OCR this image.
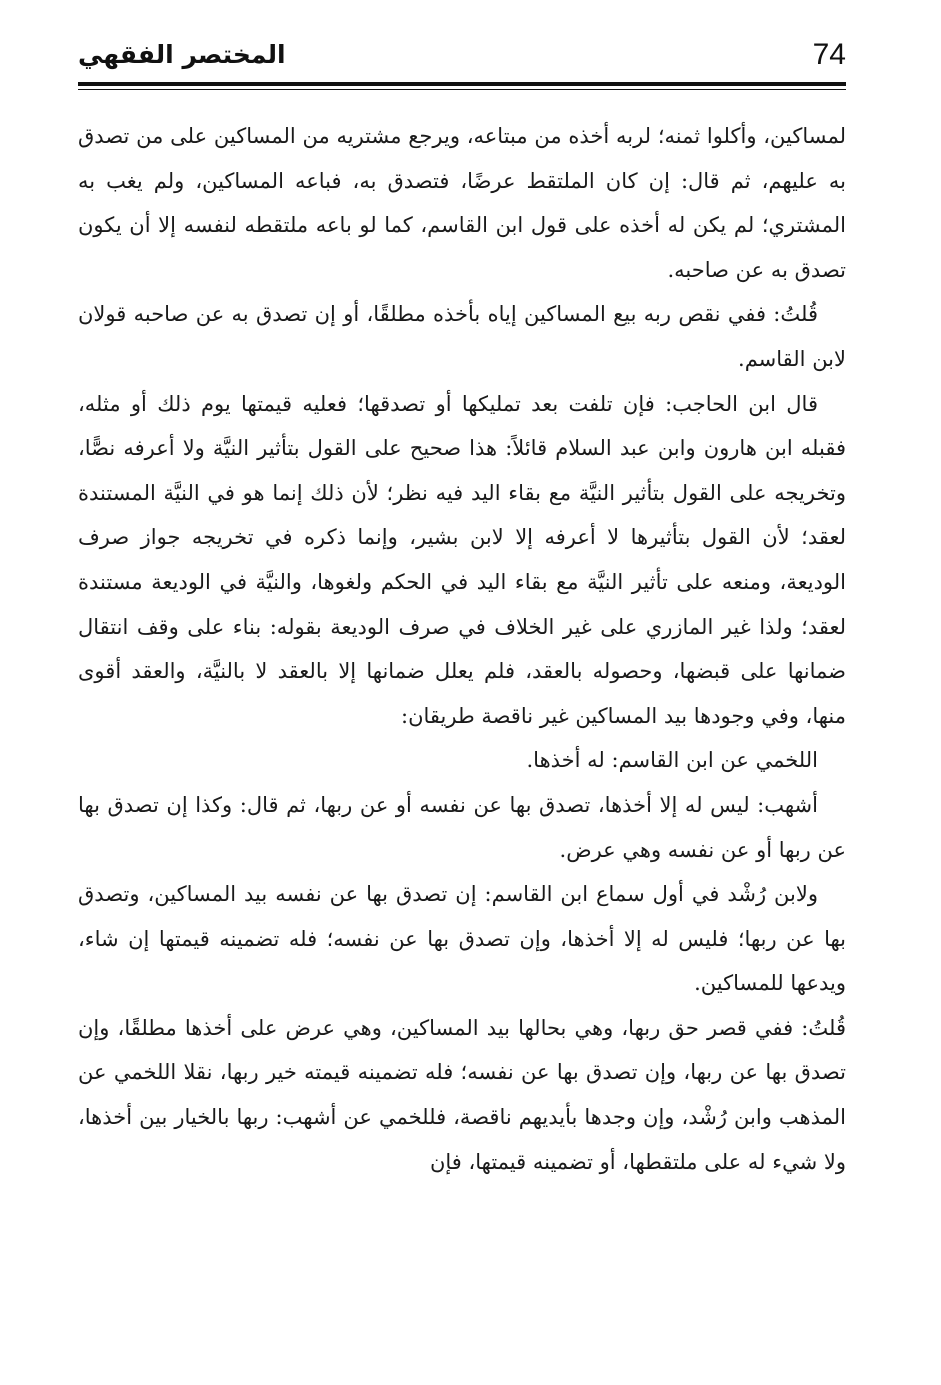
المختصر الفقهي	74

لمساكين، وأكلوا ثمنه؛ لربه أخذه من مبتاعه، ويرجع مشتريه من المساكين على من تصدق به عليهم، ثم قال: إن كان الملتقط عرضًا، فتصدق به، فباعه المساكين، ولم يغب به المشتري؛ لم يكن له أخذه على قول ابن القاسم، كما لو باعه ملتقطه لنفسه إلا أن يكون تصدق به عن صاحبه.

قُلتُ: ففي نقص ربه بيع المساكين إياه بأخذه مطلقًا، أو إن تصدق به عن صاحبه قولان لابن القاسم.

قال ابن الحاجب: فإن تلفت بعد تمليكها أو تصدقها؛ فعليه قيمتها يوم ذلك أو مثله، فقبله ابن هارون وابن عبد السلام قائلاً: هذا صحيح على القول بتأثير النيَّة ولا أعرفه نصًّا، وتخريجه على القول بتأثير النيَّة مع بقاء اليد فيه نظر؛ لأن ذلك إنما هو في النيَّة المستندة لعقد؛ لأن القول بتأثيرها لا أعرفه إلا لابن بشير، وإنما ذكره في تخريجه جواز صرف الوديعة، ومنعه على تأثير النيَّة مع بقاء اليد في الحكم ولغوها، والنيَّة في الوديعة مستندة لعقد؛ ولذا غير المازري على غير الخلاف في صرف الوديعة بقوله: بناء على وقف انتقال ضمانها على قبضها، وحصوله بالعقد، فلم يعلل ضمانها إلا بالعقد لا بالنيَّة، والعقد أقوى منها، وفي وجودها بيد المساكين غير ناقصة طريقان:

اللخمي عن ابن القاسم: له أخذها.

أشهب: ليس له إلا أخذها، تصدق بها عن نفسه أو عن ربها، ثم قال: وكذا إن تصدق بها عن ربها أو عن نفسه وهي عرض.

ولابن رُشْد في أول سماع ابن القاسم: إن تصدق بها عن نفسه بيد المساكين، وتصدق بها عن ربها؛ فليس له إلا أخذها، وإن تصدق بها عن نفسه؛ فله تضمينه قيمتها إن شاء، ويدعها للمساكين.

قُلتُ: ففي قصر حق ربها، وهي بحالها بيد المساكين، وهي عرض على أخذها مطلقًا، وإن تصدق بها عن ربها، وإن تصدق بها عن نفسه؛ فله تضمينه قيمته خير ربها، نقلا اللخمي عن المذهب وابن رُشْد، وإن وجدها بأيديهم ناقصة، فللخمي عن أشهب: ربها بالخيار بين أخذها، ولا شيء له على ملتقطها، أو تضمينه قيمتها، فإن
